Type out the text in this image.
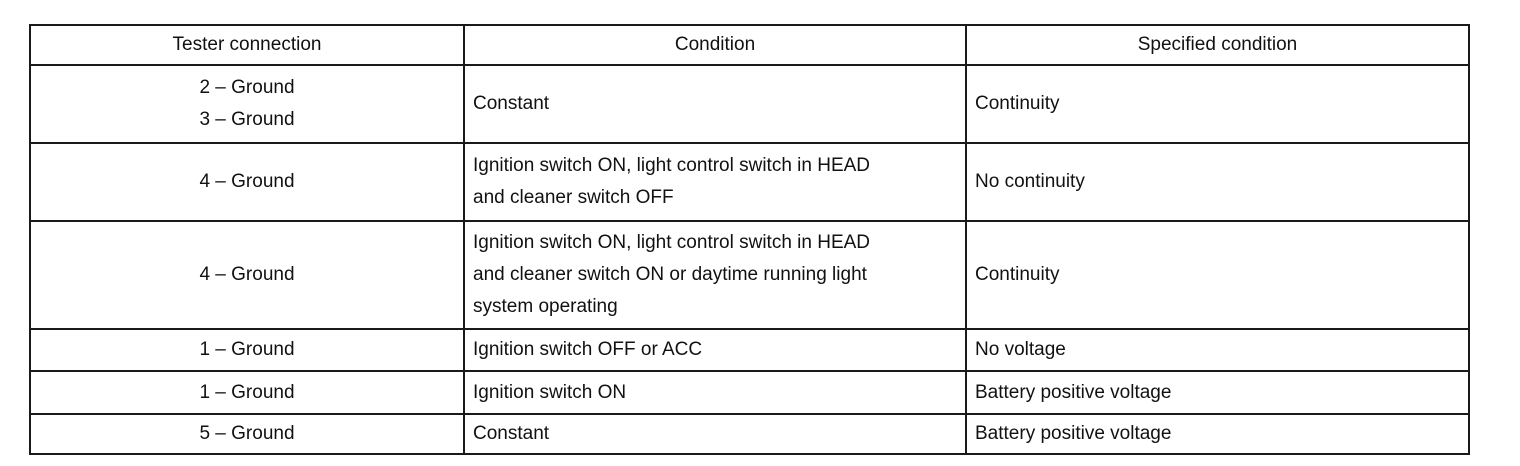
Tester connection	Condition	Specified condition

2 – Ground
3 – Ground	Constant	Continuity

4 – Ground	Ignition switch ON, light control switch in HEAD
and cleaner switch OFF	No continuity

4 – Ground	Ignition switch ON, light control switch in HEAD
and cleaner switch ON or daytime running light
system operating	Continuity

1 – Ground	Ignition switch OFF or ACC	No voltage

1 – Ground	Ignition switch ON	Battery positive voltage

5 – Ground	Constant	Battery positive voltage
